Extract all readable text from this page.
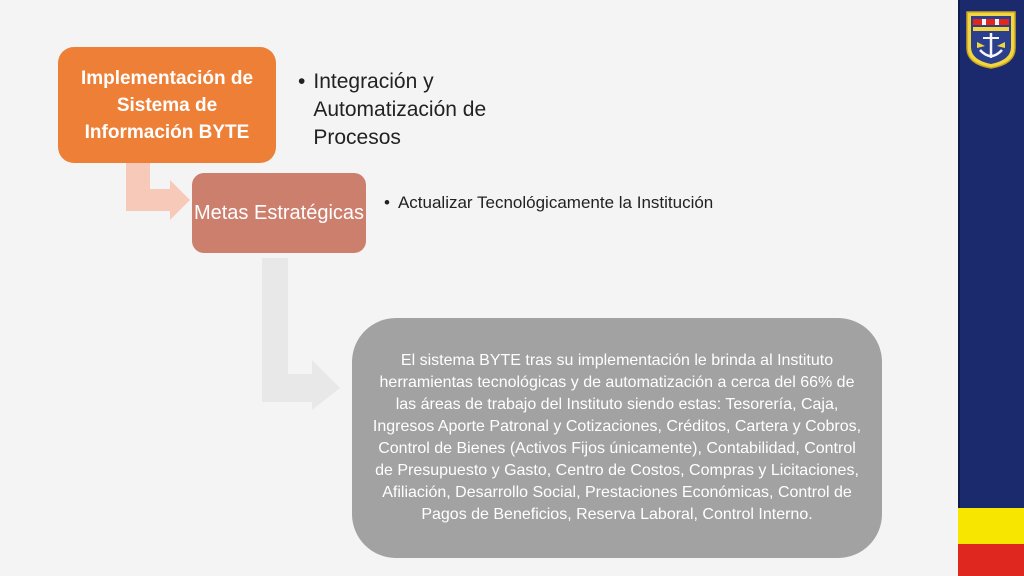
Implementación de Sistema de Información BYTE
• Integración y Automatización de Procesos
Metas Estratégicas • Actualizar Tecnológicamente la Institución
El sistema BYTE tras su implementación le brinda al Instituto herramientas tecnológicas y de automatización a cerca del 66% de las áreas de trabajo del Instituto siendo estas: Tesorería, Caja, Ingresos Aporte Patronal y Cotizaciones, Créditos, Cartera y Cobros, Control de Bienes (Activos Fijos únicamente), Contabilidad, Control de Presupuesto y Gasto, Centro de Costos, Compras y Licitaciones, Afiliación, Desarrollo Social, Prestaciones Económicas, Control de Pagos de Beneficios, Reserva Laboral, Control Interno.
